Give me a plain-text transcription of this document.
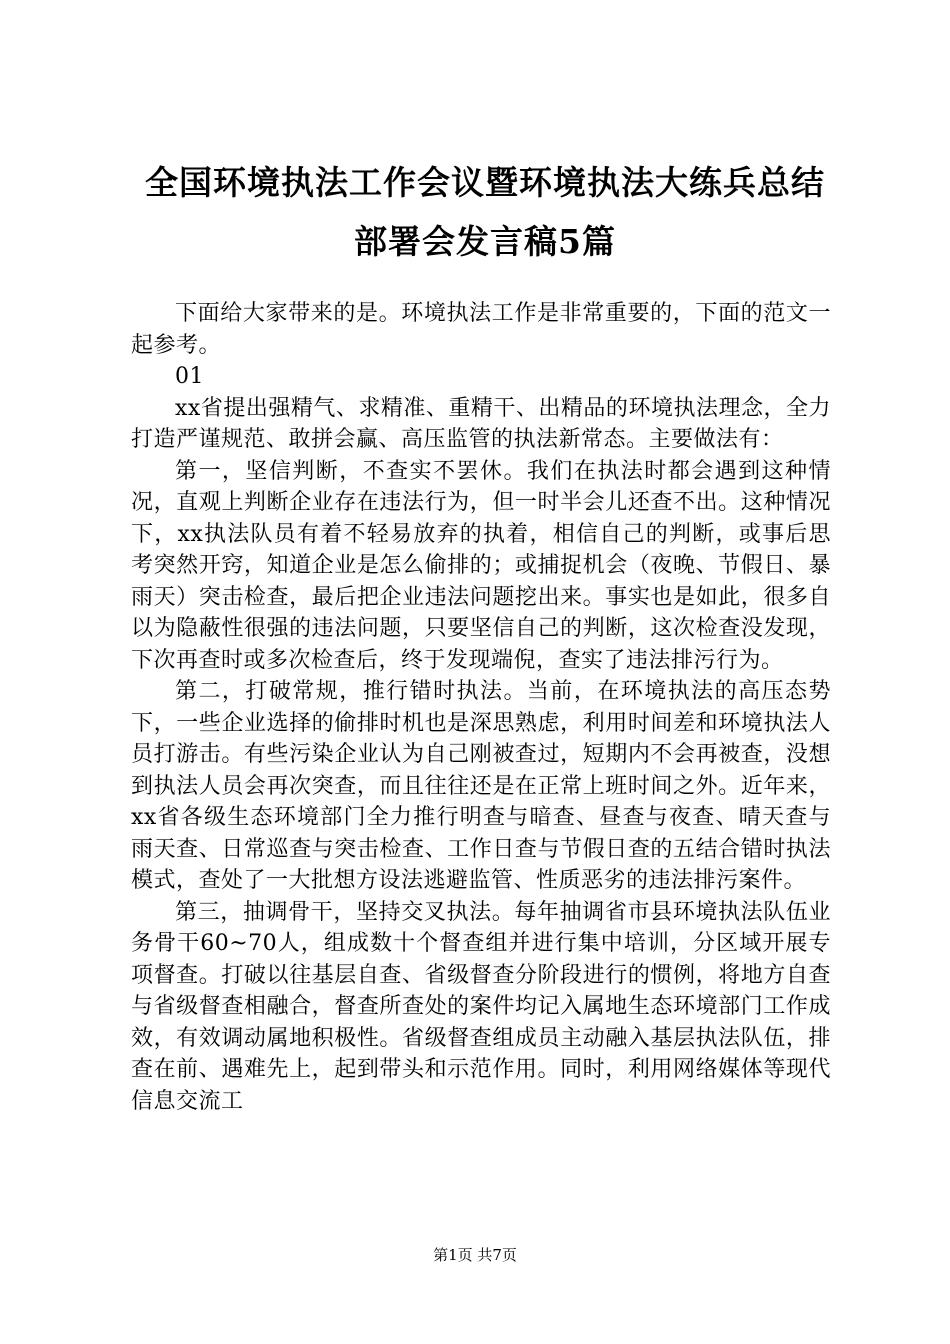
全国环境执法工作会议暨环境执法大练兵总结
部署会发言稿5篇

下面给大家带来的是。环境执法工作是非常重要的，下面的范文一起参考。

01

xx省提出强精气、求精准、重精干、出精品的环境执法理念，全力打造严谨规范、敢拼会赢、高压监管的执法新常态。主要做法有：

第一，坚信判断，不查实不罢休。我们在执法时都会遇到这种情况，直观上判断企业存在违法行为，但一时半会儿还查不出。这种情况下，xx执法队员有着不轻易放弃的执着，相信自己的判断，或事后思考突然开窍，知道企业是怎么偷排的；或捕捉机会（夜晚、节假日、暴雨天）突击检查，最后把企业违法问题挖出来。事实也是如此，很多自以为隐蔽性很强的违法问题，只要坚信自己的判断，这次检查没发现，下次再查时或多次检查后，终于发现端倪，查实了违法排污行为。

第二，打破常规，推行错时执法。当前，在环境执法的高压态势下，一些企业选择的偷排时机也是深思熟虑，利用时间差和环境执法人员打游击。有些污染企业认为自己刚被查过，短期内不会再被查，没想到执法人员会再次突查，而且往往还是在正常上班时间之外。近年来，xx省各级生态环境部门全力推行明查与暗查、昼查与夜查、晴天查与雨天查、日常巡查与突击检查、工作日查与节假日查的五结合错时执法模式，查处了一大批想方设法逃避监管、性质恶劣的违法排污案件。

第三，抽调骨干，坚持交叉执法。每年抽调省市县环境执法队伍业务骨干60~70人，组成数十个督查组并进行集中培训，分区域开展专项督查。打破以往基层自查、省级督查分阶段进行的惯例，将地方自查与省级督查相融合，督查所查处的案件均记入属地生态环境部门工作成效，有效调动属地积极性。省级督查组成员主动融入基层执法队伍，排查在前、遇难先上，起到带头和示范作用。同时，利用网络媒体等现代信息交流工

第1页 共7页
